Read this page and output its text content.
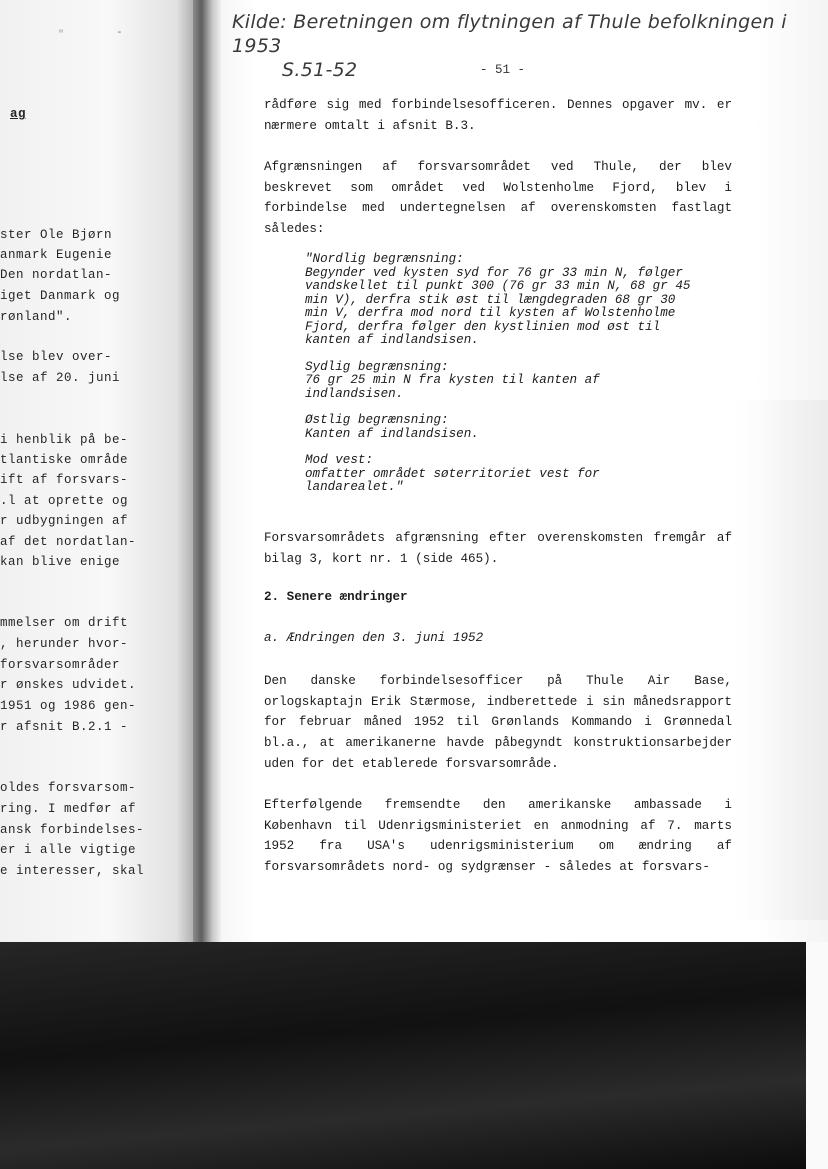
"	-
ag
ster Ole Bjørn
anmark Eugenie
Den nordatlan-
iget Danmark og
rønland".
lse blev over-
lse af 20. juni
i henblik på be-
tlantiske område
ift af forsvars-
.l at oprette og
r udbygningen af
af det nordatlan-
kan blive enige
mmelser om drift
, herunder hvor-
forsvarsområder
r ønskes udvidet.
1951 og 1986 gen-
r afsnit B.2.1 -
oldes forsvarsom-
ring. I medfør af
ansk forbindelses-
er i alle vigtige
e interesser, skal
Kilde: Beretningen om flytningen af Thule befolkningen i 1953
S.51-52	- 51 -

rådføre sig med forbindelsesofficeren. Dennes opgaver mv. er nærmere omtalt i afsnit B.3.

Afgrænsningen af forsvarsområdet ved Thule, der blev beskrevet som området ved Wolstenholme Fjord, blev i forbindelse med undertegnelsen af overenskomsten fastlagt således:

"Nordlig begrænsning:
Begynder ved kysten syd for 76 gr 33 min N, følger vandskellet til punkt 300 (76 gr 33 min N, 68 gr 45 min V), derfra stik øst til længdegraden 68 gr 30 min V, derfra mod nord til kysten af Wolstenholme Fjord, derfra følger den kystlinien mod øst til kanten af indlandsisen.
Sydlig begrænsning:
76 gr 25 min N fra kysten til kanten af indlandsisen.
Østlig begrænsning:
Kanten af indlandsisen.
Mod vest:
omfatter området søterritoriet vest for landarealet."

Forsvarsområdets afgrænsning efter overenskomsten fremgår af bilag 3, kort nr. 1 (side 465).

2. Senere ændringer
a. Ændringen den 3. juni 1952

Den danske forbindelsesofficer på Thule Air Base, orlogskaptajn Erik Stærmose, indberettede i sin månedsrapport for februar måned 1952 til Grønlands Kommando i Grønnedal bl.a., at amerikanerne havde påbegyndt konstruktionsarbejder uden for det etablerede forsvarsområde.

Efterfølgende fremsendte den amerikanske ambassade i København til Udenrigsministeriet en anmodning af 7. marts 1952 fra USA's udenrigsministerium om ændring af forsvarsområdets nord- og sydgrænser - således at forsvars-
